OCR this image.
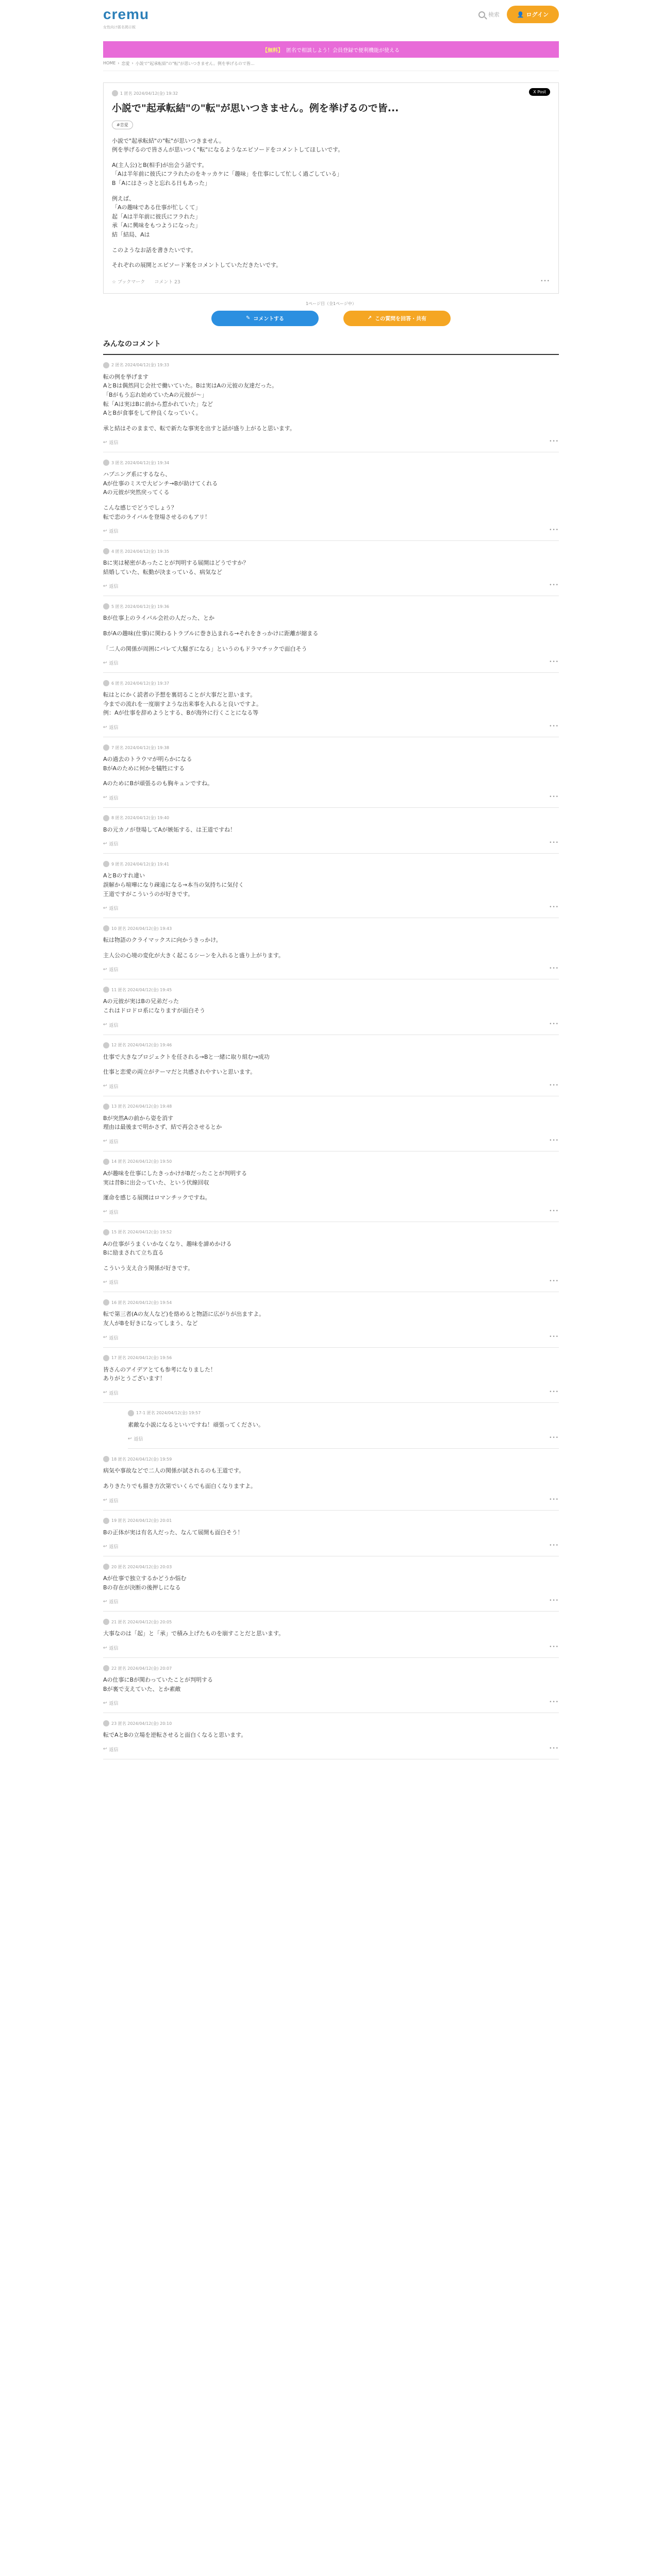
cremu	検索	👤 ログイン
女性向け匿名掲示板
【無料】 匿名で相談しよう！会員登録で便利機能が使える
HOME › 恋愛 › 小説で"起承転結"の"転"が思いつきません。例を挙げるので皆...
1 匿名 2024/04/12(金) 19:32	X Post
小説で"起承転結"の"転"が思いつきません。例を挙げるので皆...
#恋愛

小説で"起承転結"の"転"が思いつきません。

例を挙げるので皆さんが思いつく"転"になるようなエピソードをコメントしてほしいです。

A(主人公)とB(相手)が出会う話です。

「Aは半年前に彼氏にフラれたのをキッカケに「趣味」を仕事にして忙しく過ごしている」

B「Aにはさっさと忘れる日もあった」

例えば、

「Aの趣味である仕事が忙しくて」

起「Aは半年前に彼氏にフラれた」

承「Aに興味をもつようになった」

結「結局、Aは

このようなお話を書きたいです。

それぞれの展開とエピソード案をコメントしていただきたいです。

☆ ブックマーク コメント 23	•••
1ページ目（全1ページ中）
✎ コメントする	↗ この質問を回答・共有
みんなのコメント
2 匿名 2024/04/12(金) 19:33

転の例を挙げます

AとBは偶然同じ会社で働いていた。Bは実はAの元彼の友達だった。

「Bがもう忘れ始めていたAの元彼が〜」

転「Aは実はBに前から惹かれていた」など

AとBが食事をして仲良くなっていく。

承と結はそのままで、転で新たな事実を出すと話が盛り上がると思います。

↩ 返信	•••
3 匿名 2024/04/12(金) 19:34

ハプニング系にするなら、

Aが仕事のミスで大ピンチ→Bが助けてくれる

Aの元彼が突然戻ってくる

こんな感じでどうでしょう？

転で恋のライバルを登場させるのもアリ！

↩ 返信	•••
4 匿名 2024/04/12(金) 19:35

Bに実は秘密があったことが判明する展開はどうですか？

結婚していた、転勤が決まっている、病気など

↩ 返信	•••
5 匿名 2024/04/12(金) 19:36

Bが仕事上のライバル会社の人だった、とか

BがAの趣味(仕事)に関わるトラブルに巻き込まれる→それをきっかけに距離が縮まる

「二人の関係が周囲にバレて大騒ぎになる」というのもドラマチックで面白そう

↩ 返信	•••
6 匿名 2024/04/12(金) 19:37

転はとにかく読者の予想を裏切ることが大事だと思います。

今までの流れを一度崩すような出来事を入れると良いですよ。

例：Aが仕事を辞めようとする、Bが海外に行くことになる等

↩ 返信	•••
7 匿名 2024/04/12(金) 19:38

Aの過去のトラウマが明らかになる

BがAのために何かを犠牲にする

AのためにBが頑張るのも胸キュンですね。

↩ 返信	•••
8 匿名 2024/04/12(金) 19:40

Bの元カノが登場してAが嫉妬する、は王道ですね！

↩ 返信	•••
9 匿名 2024/04/12(金) 19:41

AとBのすれ違い

誤解から喧嘩になり疎遠になる→本当の気持ちに気付く

王道ですがこういうのが好きです。

↩ 返信	•••
10 匿名 2024/04/12(金) 19:43

転は物語のクライマックスに向かうきっかけ。

主人公の心境の変化が大きく起こるシーンを入れると盛り上がります。

↩ 返信	•••
11 匿名 2024/04/12(金) 19:45

Aの元彼が実はBの兄弟だった

これはドロドロ系になりますが面白そう

↩ 返信	•••
12 匿名 2024/04/12(金) 19:46

仕事で大きなプロジェクトを任される→Bと一緒に取り組む→成功

仕事と恋愛の両立がテーマだと共感されやすいと思います。

↩ 返信	•••
13 匿名 2024/04/12(金) 19:48

Bが突然Aの前から姿を消す

理由は最後まで明かさず、結で再会させるとか

↩ 返信	•••
14 匿名 2024/04/12(金) 19:50

Aが趣味を仕事にしたきっかけがBだったことが判明する

実は昔Bに出会っていた、という伏線回収

運命を感じる展開はロマンチックですね。

↩ 返信	•••
15 匿名 2024/04/12(金) 19:52

Aの仕事がうまくいかなくなり、趣味を諦めかける

Bに励まされて立ち直る

こういう支え合う関係が好きです。

↩ 返信	•••
16 匿名 2024/04/12(金) 19:54

転で第三者(Aの友人など)を絡めると物語に広がりが出ますよ。

友人がBを好きになってしまう、など

↩ 返信	•••
17 匿名 2024/04/12(金) 19:56

皆さんのアイデアとても参考になりました！

ありがとうございます！

↩ 返信	•••
17-1 匿名 2024/04/12(金) 19:57

素敵な小説になるといいですね！頑張ってください。

↩ 返信	•••
18 匿名 2024/04/12(金) 19:59

病気や事故などで二人の関係が試されるのも王道です。

ありきたりでも描き方次第でいくらでも面白くなりますよ。

↩ 返信	•••
19 匿名 2024/04/12(金) 20:01

Bの正体が実は有名人だった、なんて展開も面白そう！

↩ 返信	•••
20 匿名 2024/04/12(金) 20:03

Aが仕事で独立するかどうか悩む

Bの存在が決断の後押しになる

↩ 返信	•••
21 匿名 2024/04/12(金) 20:05

大事なのは「起」と「承」で積み上げたものを崩すことだと思います。

↩ 返信	•••
22 匿名 2024/04/12(金) 20:07

Aの仕事にBが関わっていたことが判明する

Bが裏で支えていた、とか素敵

↩ 返信	•••
23 匿名 2024/04/12(金) 20:10

転でAとBの立場を逆転させると面白くなると思います。

↩ 返信	•••
